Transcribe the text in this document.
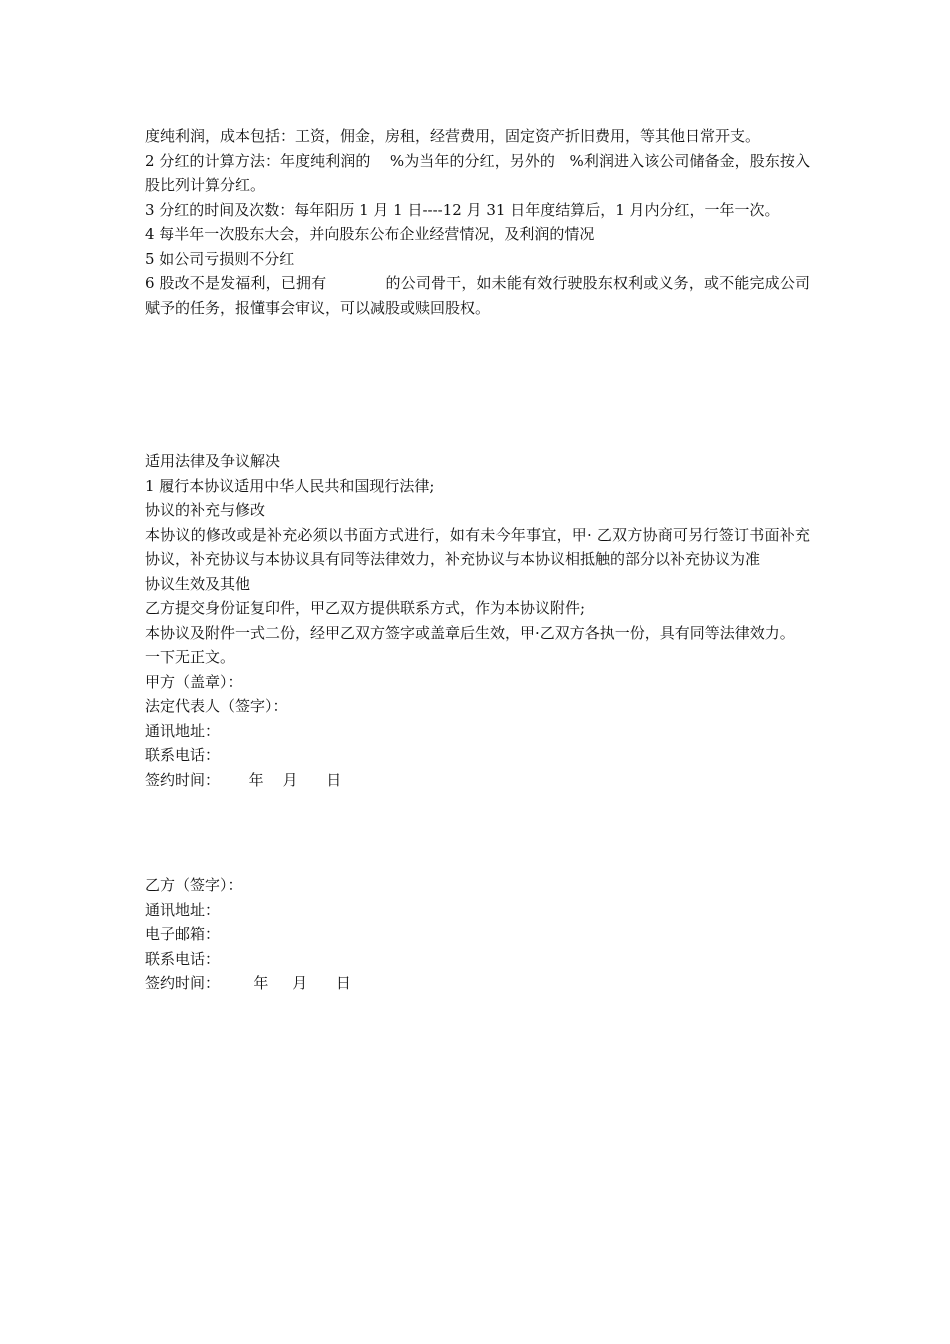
度纯利润，成本包括：工资，佣金，房租，经营费用，固定资产折旧费用，等其他日常开支。

2 分红的计算方法：年度纯利润的    %为当年的分红，另外的   %利润进入该公司储备金，股东按入股比列计算分红。

3 分红的时间及次数：每年阳历 1 月 1 日----12 月 31 日年度结算后，1 月内分红，一年一次。

4 每半年一次股东大会，并向股东公布企业经营情况，及利润的情况

5 如公司亏损则不分红

6 股改不是发福利，已拥有            的公司骨干，如未能有效行驶股东权利或义务，或不能完成公司赋予的任务，报懂事会审议，可以减股或赎回股权。

适用法律及争议解决

1 履行本协议适用中华人民共和国现行法律;

协议的补充与修改

本协议的修改或是补充必须以书面方式进行，如有未今年事宜，甲· 乙双方协商可另行签订书面补充协议，补充协议与本协议具有同等法律效力，补充协议与本协议相抵触的部分以补充协议为准

协议生效及其他

乙方提交身份证复印件，甲乙双方提供联系方式，作为本协议附件;

本协议及附件一式二份，经甲乙双方签字或盖章后生效，甲·乙双方各执一份，具有同等法律效力。

一下无正文。

甲方（盖章）：

法定代表人（签字）：

通讯地址：

联系电话：

签约时间：      年    月      日

乙方（签字）：

通讯地址：

电子邮箱：

联系电话：

签约时间：       年     月      日
